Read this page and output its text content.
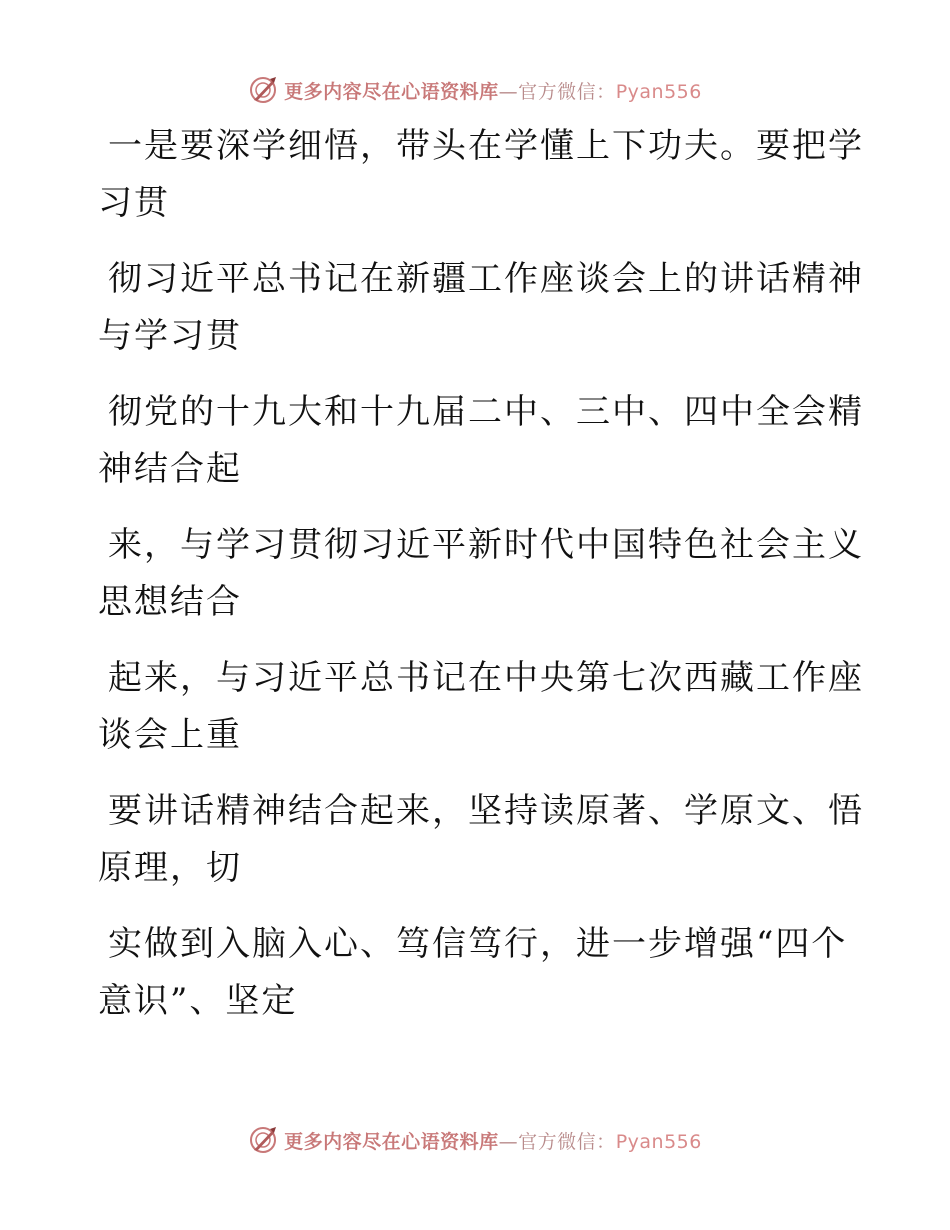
更多内容尽在心语资料库—官方微信：Pyan556

一是要深学细悟，带头在学懂上下功夫。要把学
习贯

彻习近平总书记在新疆工作座谈会上的讲话精神
与学习贯

彻党的十九大和十九届二中、三中、四中全会精
神结合起

来，与学习贯彻习近平新时代中国特色社会主义
思想结合

起来，与习近平总书记在中央第七次西藏工作座
谈会上重

要讲话精神结合起来，坚持读原著、学原文、悟
原理，切

实做到入脑入心、笃信笃行，进一步增强“四个
意识”、坚定

更多内容尽在心语资料库—官方微信：Pyan556
